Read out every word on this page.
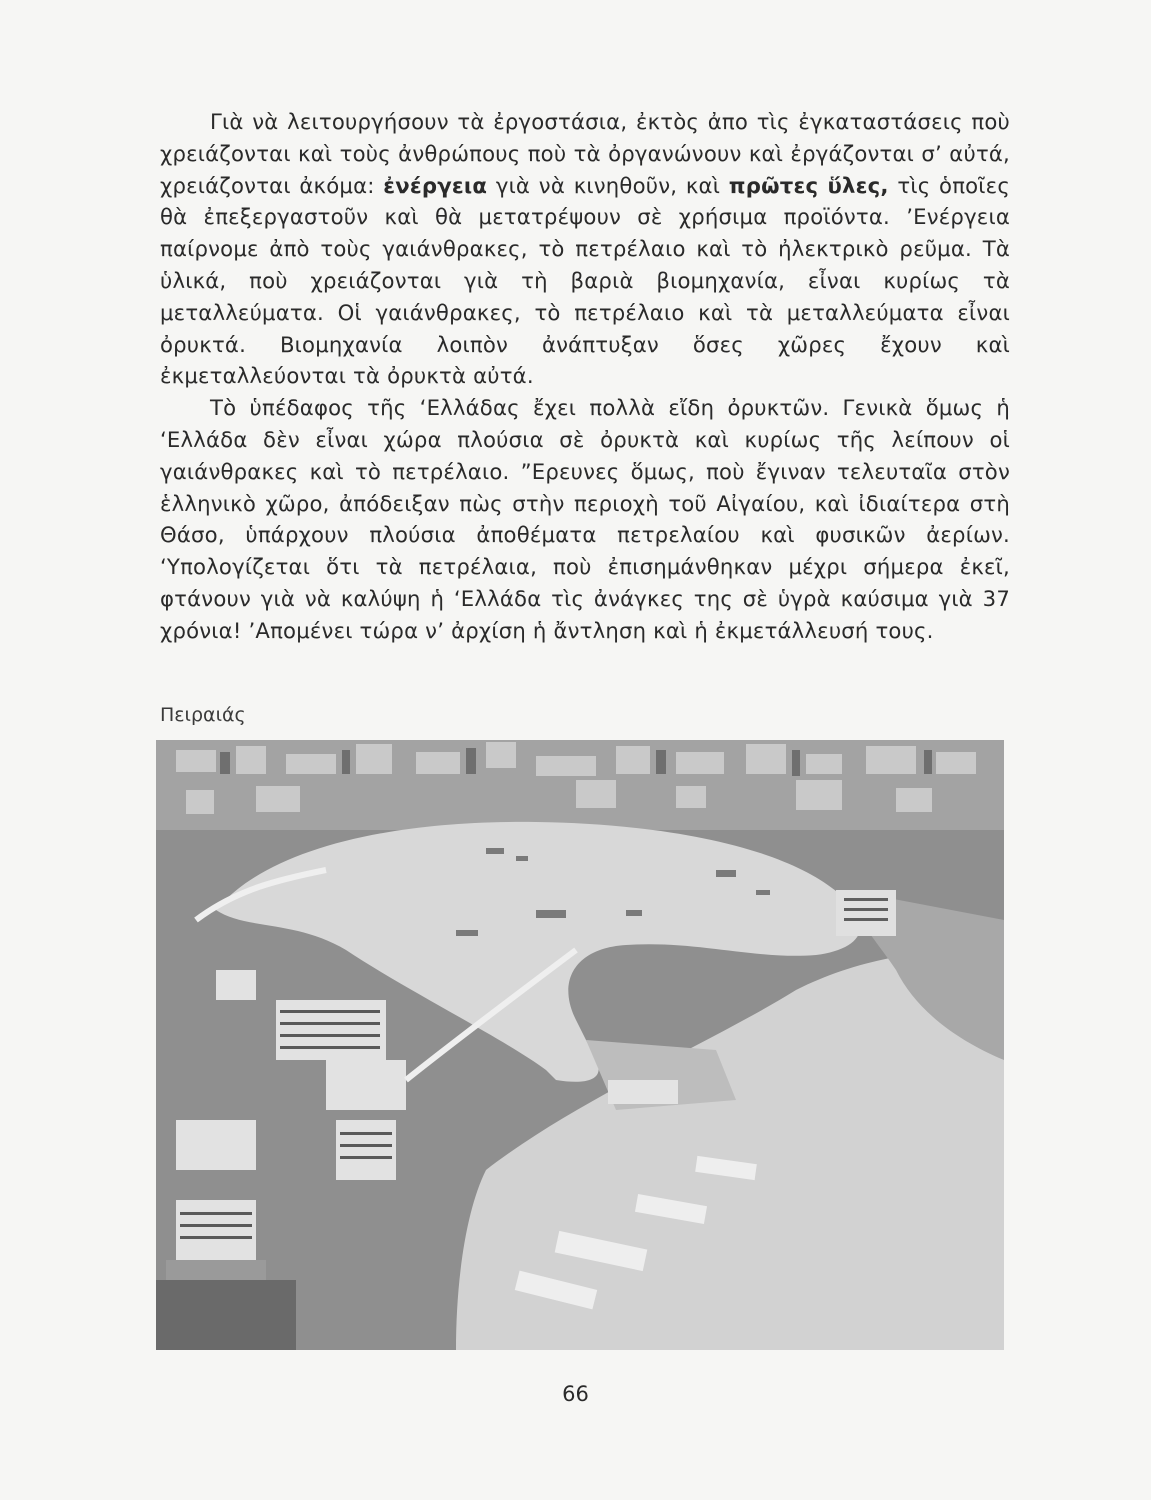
Γιὰ νὰ λειτουργήσουν τὰ ἐργοστάσια, ἐκτὸς ἀπο τὶς ἐγκαταστάσεις ποὺ χρειάζονται καὶ τοὺς ἀνθρώπους ποὺ τὰ ὀργανώνουν καὶ ἐργάζονται σ’ αὐτά, χρειάζονται ἀκόμα: ἐνέργεια γιὰ νὰ κινηθοῦν, καὶ πρῶτες ὕλες, τὶς ὁποῖες θὰ ἐπεξεργαστοῦν καὶ θὰ μετατρέψουν σὲ χρήσιμα προϊόντα. ’Ενέργεια παίρνομε ἀπὸ τοὺς γαιάνθρακες, τὸ πετρέλαιο καὶ τὸ ἠλεκτρικὸ ρεῦμα. Τὰ ὑλικά, ποὺ χρειάζονται γιὰ τὴ βαριὰ βιομηχανία, εἶναι κυρίως τὰ μεταλλεύματα. Οἱ γαιάνθρακες, τὸ πετρέλαιο καὶ τὰ μεταλλεύματα εἶναι ὀρυκτά. Βιομηχανία λοιπὸν ἀνάπτυξαν ὅσες χῶρες ἔχουν καὶ ἐκμεταλλεύονται τὰ ὀρυκτὰ αὐτά.

Τὸ ὑπέδαφος τῆς ‘Ελλάδας ἔχει πολλὰ εἴδη ὀρυκτῶν. Γενικὰ ὅμως ἡ ‘Ελλάδα δὲν εἶναι χώρα πλούσια σὲ ὀρυκτὰ καὶ κυρίως τῆς λείπουν οἱ γαιάνθρακες καὶ τὸ πετρέλαιο. ”Ερευνες ὅμως, ποὺ ἔγιναν τελευταῖα στὸν ἑλληνικὸ χῶρο, ἀπόδειξαν πὼς στὴν περιοχὴ τοῦ Αἰγαίου, καὶ ἰδιαίτερα στὴ Θάσο, ὑπάρχουν πλούσια ἀποθέματα πετρελαίου καὶ φυσικῶν ἀερίων. ‘Υπολογίζεται ὅτι τὰ πετρέλαια, ποὺ ἐπισημάνθηκαν μέχρι σήμερα ἐκεῖ, φτάνουν γιὰ νὰ καλύψη ἡ ‘Ελλάδα τὶς ἀνάγκες της σὲ ὑγρὰ καύσιμα γιὰ 37 χρόνια! ’Απομένει τώρα ν’ ἀρχίση ἡ ἄντληση καὶ ἡ ἐκμετάλλευσή τους.

Πειραιάς
66
